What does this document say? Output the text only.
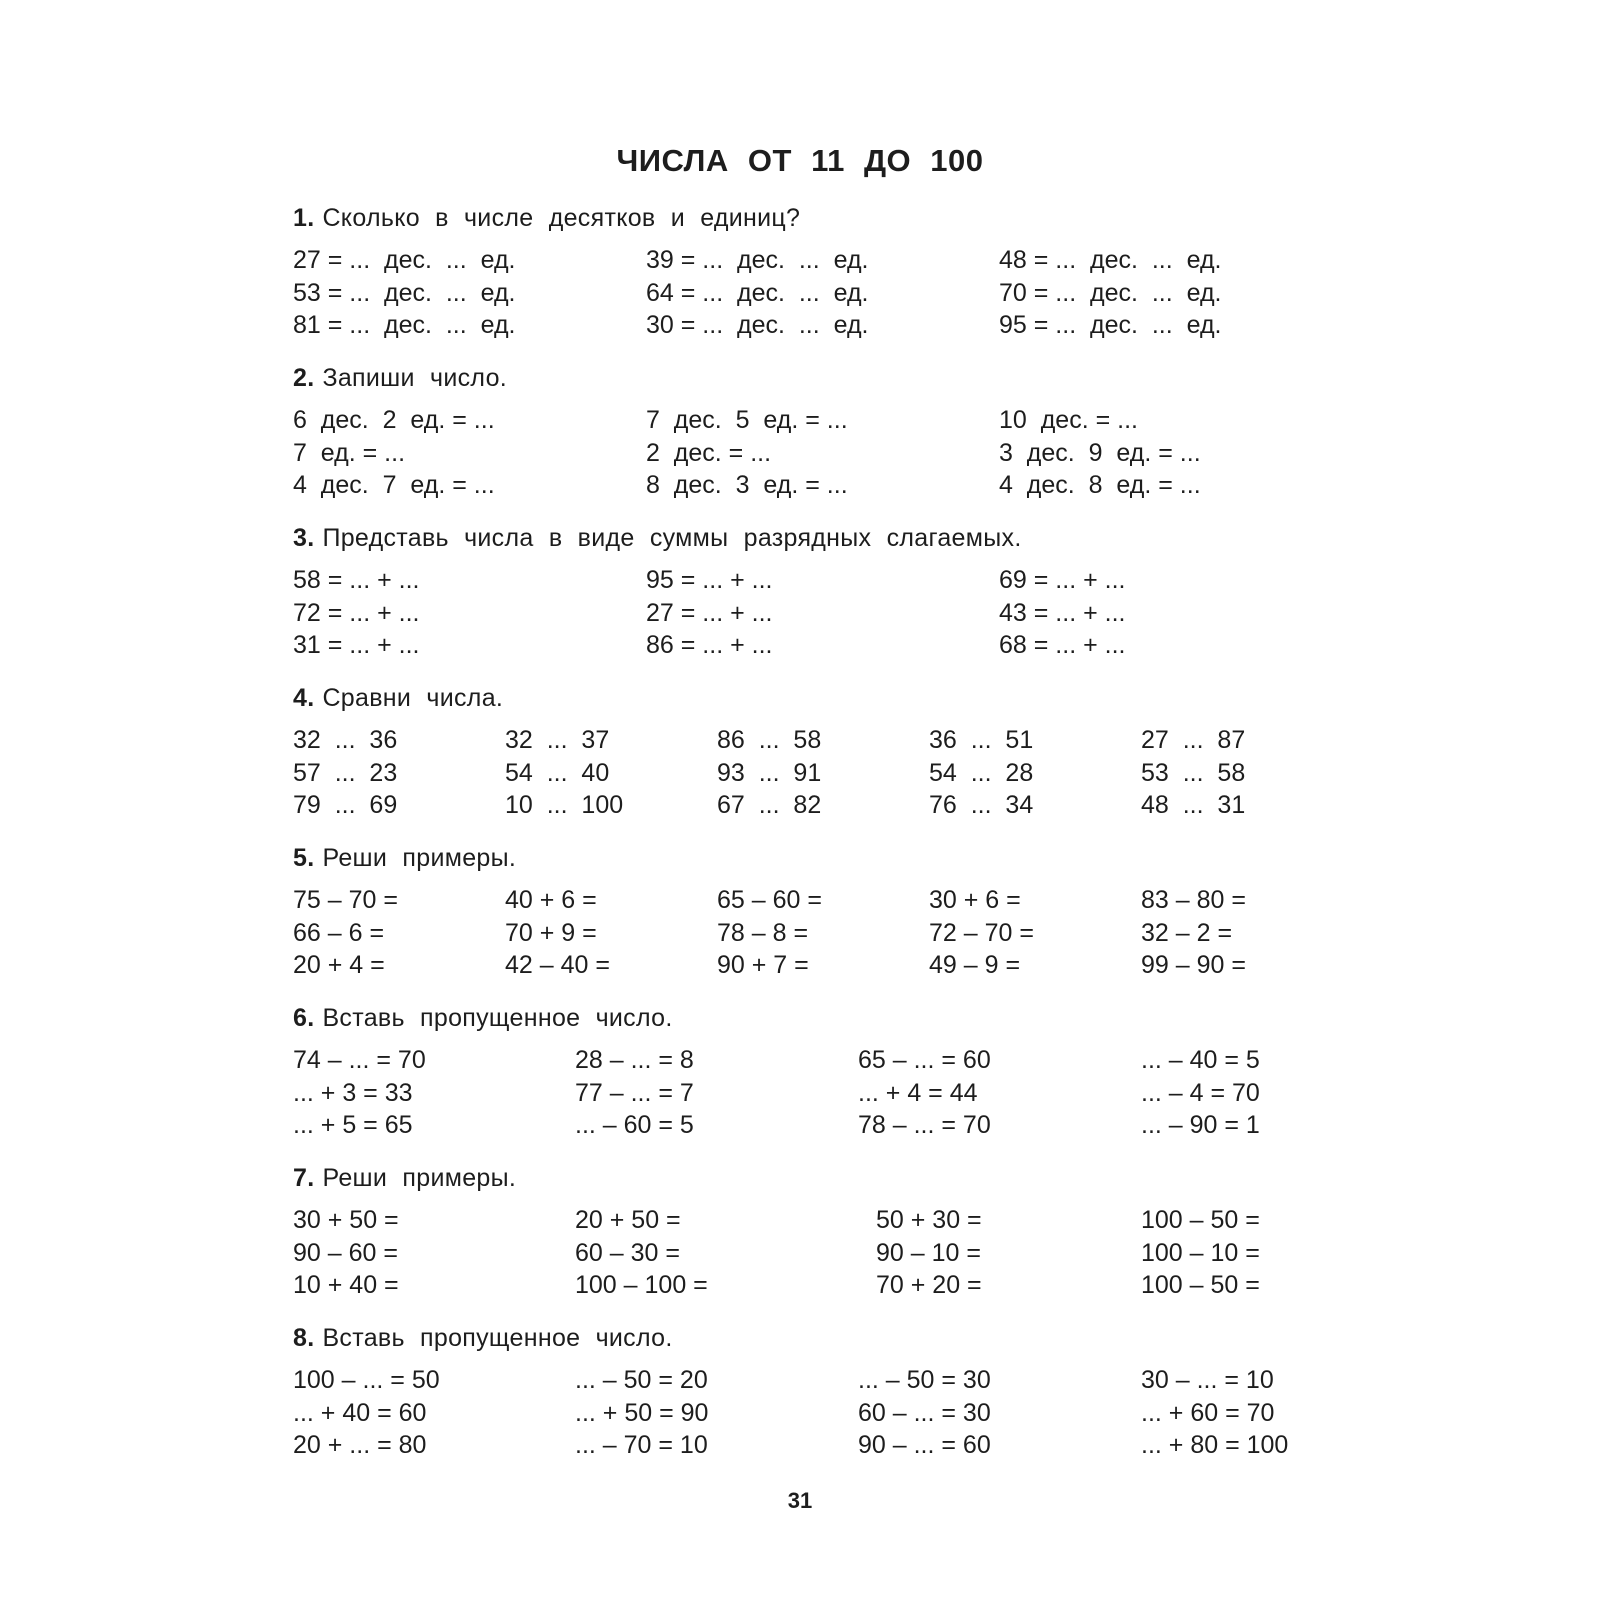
ЧИСЛА ОТ 11 ДО 100
1. Сколько в числе десятков и единиц?
27 = ...  дес.  ...  ед.	39 = ...  дес.  ...  ед.	48 = ...  дес.  ...  ед.
53 = ...  дес.  ...  ед.	64 = ...  дес.  ...  ед.	70 = ...  дес.  ...  ед.
81 = ...  дес.  ...  ед.	30 = ...  дес.  ...  ед.	95 = ...  дес.  ...  ед.
2. Запиши число.
6  дес.  2  ед. = ...	7  дес.  5  ед. = ...	10  дес. = ...
7  ед. = ...	2  дес. = ...	3  дес.  9  ед. = ...
4  дес.  7  ед. = ...	8  дес.  3  ед. = ...	4  дес.  8  ед. = ...
3. Представь числа в виде суммы разрядных слагаемых.
58 = ... + ...	95 = ... + ...	69 = ... + ...
72 = ... + ...	27 = ... + ...	43 = ... + ...
31 = ... + ...	86 = ... + ...	68 = ... + ...
4. Сравни числа.
32  ...  36	32  ...  37	86  ...  58	36  ...  51	27  ...  87
57  ...  23	54  ...  40	93  ...  91	54  ...  28	53  ...  58
79  ...  69	10  ...  100	67  ...  82	76  ...  34	48  ...  31
5. Реши примеры.
75 – 70 =	40 + 6 =	65 – 60 =	30 + 6 =	83 – 80 =
66 – 6 =	70 + 9 =	78 – 8 =	72 – 70 =	32 – 2 =
20 + 4 =	42 – 40 =	90 + 7 =	49 – 9 =	99 – 90 =
6. Вставь пропущенное число.
74 – ... = 70	28 – ... = 8	65 – ... = 60	... – 40 = 5
... + 3 = 33	77 – ... = 7	... + 4 = 44	... – 4 = 70
... + 5 = 65	... – 60 = 5	78 – ... = 70	... – 90 = 1
7. Реши примеры.
30 + 50 =	20 + 50 =	50 + 30 =	100 – 50 =
90 – 60 =	60 – 30 =	90 – 10 =	100 – 10 =
10 + 40 =	100 – 100 =	70 + 20 =	100 – 50 =
8. Вставь пропущенное число.
100 – ... = 50	... – 50 = 20	... – 50 = 30	30 – ... = 10
... + 40 = 60	... + 50 = 90	60 – ... = 30	... + 60 = 70
20 + ... = 80	... – 70 = 10	90 – ... = 60	... + 80 = 100
31
